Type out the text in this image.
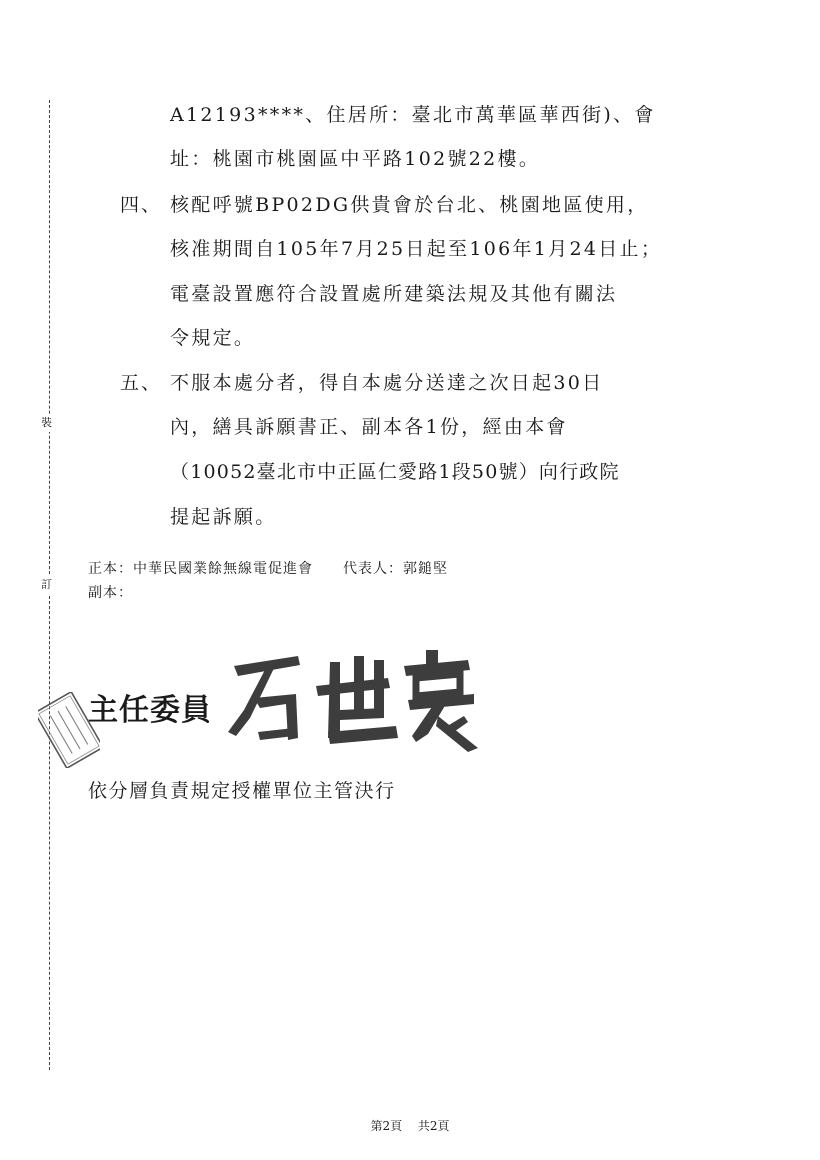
裝
訂
A12193****、住居所：臺北市萬華區華西街)、會
址：桃園市桃園區中平路102號22樓。
四、 核配呼號BP02DG供貴會於台北、桃園地區使用，
核准期間自105年7月25日起至106年1月24日止；
電臺設置應符合設置處所建築法規及其他有關法
令規定。
五、 不服本處分者，得自本處分送達之次日起30日
內，繕具訴願書正、副本各1份，經由本會
（10052臺北市中正區仁愛路1段50號）向行政院
提起訴願。
正本：中華民國業餘無線電促進會　　代表人：郭鎚堅
副本：
主任委員
依分層負責規定授權單位主管決行
第2頁 共2頁
